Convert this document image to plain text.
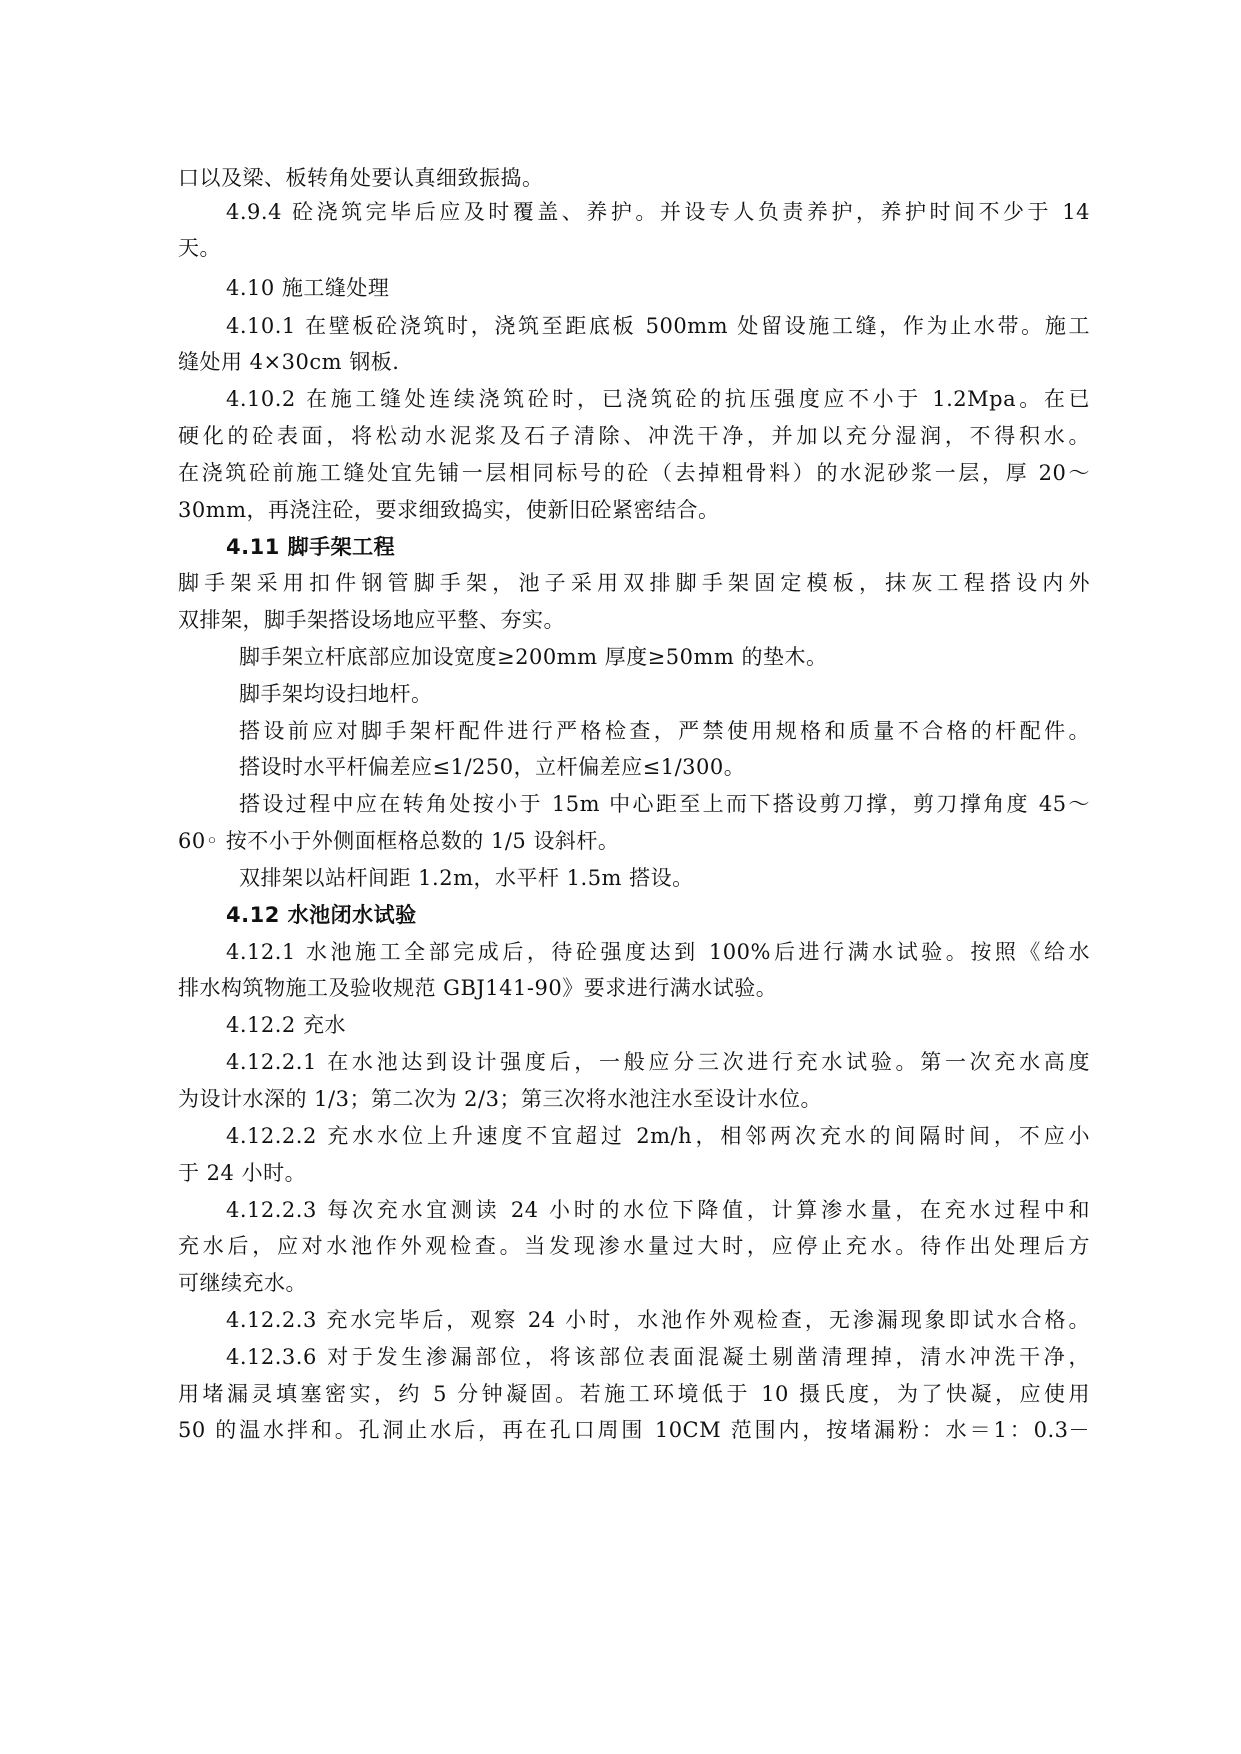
口以及梁、板转角处要认真细致振捣。
4.9.4 砼浇筑完毕后应及时覆盖、养护。并设专人负责养护，养护时间不少于 14
天。
4.10 施工缝处理
4.10.1 在壁板砼浇筑时，浇筑至距底板 500mm 处留设施工缝，作为止水带。施工
缝处用 4×30cm 钢板.
4.10.2 在施工缝处连续浇筑砼时，已浇筑砼的抗压强度应不小于 1.2Mpa。在已
硬化的砼表面，将松动水泥浆及石子清除、冲洗干净，并加以充分湿润，不得积水。
在浇筑砼前施工缝处宜先铺一层相同标号的砼（去掉粗骨料）的水泥砂浆一层，厚 20～
30mm，再浇注砼，要求细致捣实，使新旧砼紧密结合。
4.11 脚手架工程
脚手架采用扣件钢管脚手架，池子采用双排脚手架固定模板，抹灰工程搭设内外
双排架，脚手架搭设场地应平整、夯实。
脚手架立杆底部应加设宽度≥200mm 厚度≥50mm 的垫木。
脚手架均设扫地杆。
搭设前应对脚手架杆配件进行严格检查，严禁使用规格和质量不合格的杆配件。
搭设时水平杆偏差应≤1/250，立杆偏差应≤1/300。
搭设过程中应在转角处按小于 15m 中心距至上而下搭设剪刀撑，剪刀撑角度 45～
60◦ 按不小于外侧面框格总数的 1/5 设斜杆。
双排架以站杆间距 1.2m，水平杆 1.5m 搭设。
4.12 水池闭水试验
4.12.1 水池施工全部完成后，待砼强度达到 100%后进行满水试验。按照《给水
排水构筑物施工及验收规范 GBJ141-90》要求进行满水试验。
4.12.2 充水
4.12.2.1 在水池达到设计强度后，一般应分三次进行充水试验。第一次充水高度
为设计水深的 1/3；第二次为 2/3；第三次将水池注水至设计水位。
4.12.2.2 充水水位上升速度不宜超过 2m/h，相邻两次充水的间隔时间，不应小
于 24 小时。
4.12.2.3 每次充水宜测读 24 小时的水位下降值，计算渗水量，在充水过程中和
充水后，应对水池作外观检查。当发现渗水量过大时，应停止充水。待作出处理后方
可继续充水。
4.12.2.3 充水完毕后，观察 24 小时，水池作外观检查，无渗漏现象即试水合格。
4.12.3.6 对于发生渗漏部位，将该部位表面混凝土剔凿清理掉，清水冲洗干净，
用堵漏灵填塞密实，约 5 分钟凝固。若施工环境低于 10 摄氏度，为了快凝，应使用
50 的温水拌和。孔洞止水后，再在孔口周围 10CM 范围内，按堵漏粉：水＝1：0.3－
